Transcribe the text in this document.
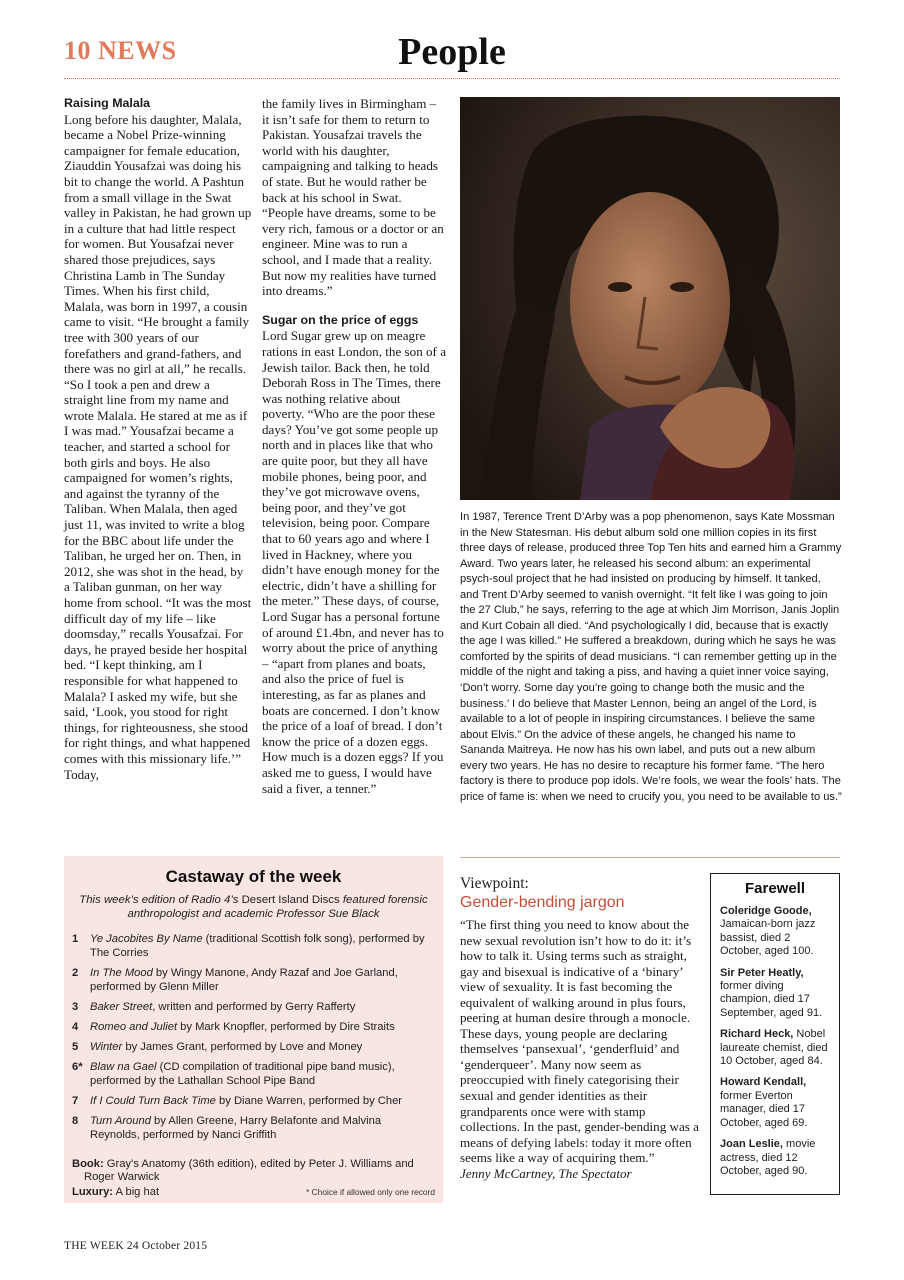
10 NEWS	People
Raising Malala

Long before his daughter, Malala, became a Nobel Prize-winning campaigner for female education, Ziauddin Yousafzai was doing his bit to change the world. A Pashtun from a small village in the Swat valley in Pakistan, he had grown up in a culture that had little respect for women. But Yousafzai never shared those prejudices, says Christina Lamb in The Sunday Times. When his first child, Malala, was born in 1997, a cousin came to visit. “He brought a family tree with 300 years of our forefathers and grand-fathers, and there was no girl at all,” he recalls. “So I took a pen and drew a straight line from my name and wrote Malala. He stared at me as if I was mad.” Yousafzai became a teacher, and started a school for both girls and boys. He also campaigned for women’s rights, and against the tyranny of the Taliban. When Malala, then aged just 11, was invited to write a blog for the BBC about life under the Taliban, he urged her on. Then, in 2012, she was shot in the head, by a Taliban gunman, on her way home from school. “It was the most difficult day of my life – like doomsday,” recalls Yousafzai. For days, he prayed beside her hospital bed. “I kept thinking, am I responsible for what happened to Malala? I asked my wife, but she said, ‘Look, you stood for right things, for righteousness, she stood for right things, and what happened comes with this missionary life.’” Today,

the family lives in Birmingham – it isn’t safe for them to return to Pakistan. Yousafzai travels the world with his daughter, campaigning and talking to heads of state. But he would rather be back at his school in Swat. “People have dreams, some to be very rich, famous or a doctor or an engineer. Mine was to run a school, and I made that a reality. But now my realities have turned into dreams.”

Sugar on the price of eggs

Lord Sugar grew up on meagre rations in east London, the son of a Jewish tailor. Back then, he told Deborah Ross in The Times, there was nothing relative about poverty. “Who are the poor these days? You’ve got some people up north and in places like that who are quite poor, but they all have mobile phones, being poor, and they’ve got microwave ovens, being poor, and they’ve got television, being poor. Compare that to 60 years ago and where I lived in Hackney, where you didn’t have enough money for the electric, didn’t have a shilling for the meter.” These days, of course, Lord Sugar has a personal fortune of around £1.4bn, and never has to worry about the price of anything – “apart from planes and boats, and also the price of fuel is interesting, as far as planes and boats are concerned. I don’t know the price of a loaf of bread. I don’t know the price of a dozen eggs. How much is a dozen eggs? If you asked me to guess, I would have said a fiver, a tenner.”

In 1987, Terence Trent D’Arby was a pop phenomenon, says Kate Mossman in the New Statesman. His debut album sold one million copies in its first three days of release, produced three Top Ten hits and earned him a Grammy Award. Two years later, he released his second album: an experimental psych-soul project that he had insisted on producing by himself. It tanked, and Trent D’Arby seemed to vanish overnight. “It felt like I was going to join the 27 Club,” he says, referring to the age at which Jim Morrison, Janis Joplin and Kurt Cobain all died. “And psychologically I did, because that is exactly the age I was killed.” He suffered a breakdown, during which he says he was comforted by the spirits of dead musicians. “I can remember getting up in the middle of the night and taking a piss, and having a quiet inner voice saying, ‘Don’t worry. Some day you’re going to change both the music and the business.’ I do believe that Master Lennon, being an angel of the Lord, is available to a lot of people in inspiring circumstances. I believe the same about Elvis.” On the advice of these angels, he changed his name to Sananda Maitreya. He now has his own label, and puts out a new album every two years. He has no desire to recapture his former fame. “The hero factory is there to produce pop idols. We’re fools, we wear the fools’ hats. The price of fame is: when we need to crucify you, you need to be available to us.”
Castaway of the week
This week’s edition of Radio 4’s Desert Island Discs featured forensic anthropologist and academic Professor Sue Black
1 Ye Jacobites By Name (traditional Scottish folk song), performed by The Corries
2 In The Mood by Wingy Manone, Andy Razaf and Joe Garland, performed by Glenn Miller
3 Baker Street, written and performed by Gerry Rafferty
4 Romeo and Juliet by Mark Knopfler, performed by Dire Straits
5 Winter by James Grant, performed by Love and Money
6* Blaw na Gael (CD compilation of traditional pipe band music), performed by the Lathallan School Pipe Band
7 If I Could Turn Back Time by Diane Warren, performed by Cher
8 Turn Around by Allen Greene, Harry Belafonte and Malvina Reynolds, performed by Nanci Griffith
Book: Gray’s Anatomy (36th edition), edited by Peter J. Williams and Roger Warwick
Luxury: A big hat	* Choice if allowed only one record
Viewpoint:
Gender-bending jargon
“The first thing you need to know about the new sexual revolution isn’t how to do it: it’s how to talk it. Using terms such as straight, gay and bisexual is indicative of a ‘binary’ view of sexuality. It is fast becoming the equivalent of walking around in plus fours, peering at human desire through a monocle. These days, young people are declaring themselves ‘pansexual’, ‘genderfluid’ and ‘genderqueer’. Many now seem as preoccupied with finely categorising their sexual and gender identities as their grandparents once were with stamp collections. In the past, gender-bending was a means of defying labels: today it more often seems like a way of acquiring them.”
Jenny McCartney, The Spectator
Farewell
Coleridge Goode, Jamaican-born jazz bassist, died 2 October, aged 100.
Sir Peter Heatly, former diving champion, died 17 September, aged 91.
Richard Heck, Nobel laureate chemist, died 10 October, aged 84.
Howard Kendall, former Everton manager, died 17 October, aged 69.
Joan Leslie, movie actress, died 12 October, aged 90.
THE WEEK 24 October 2015
